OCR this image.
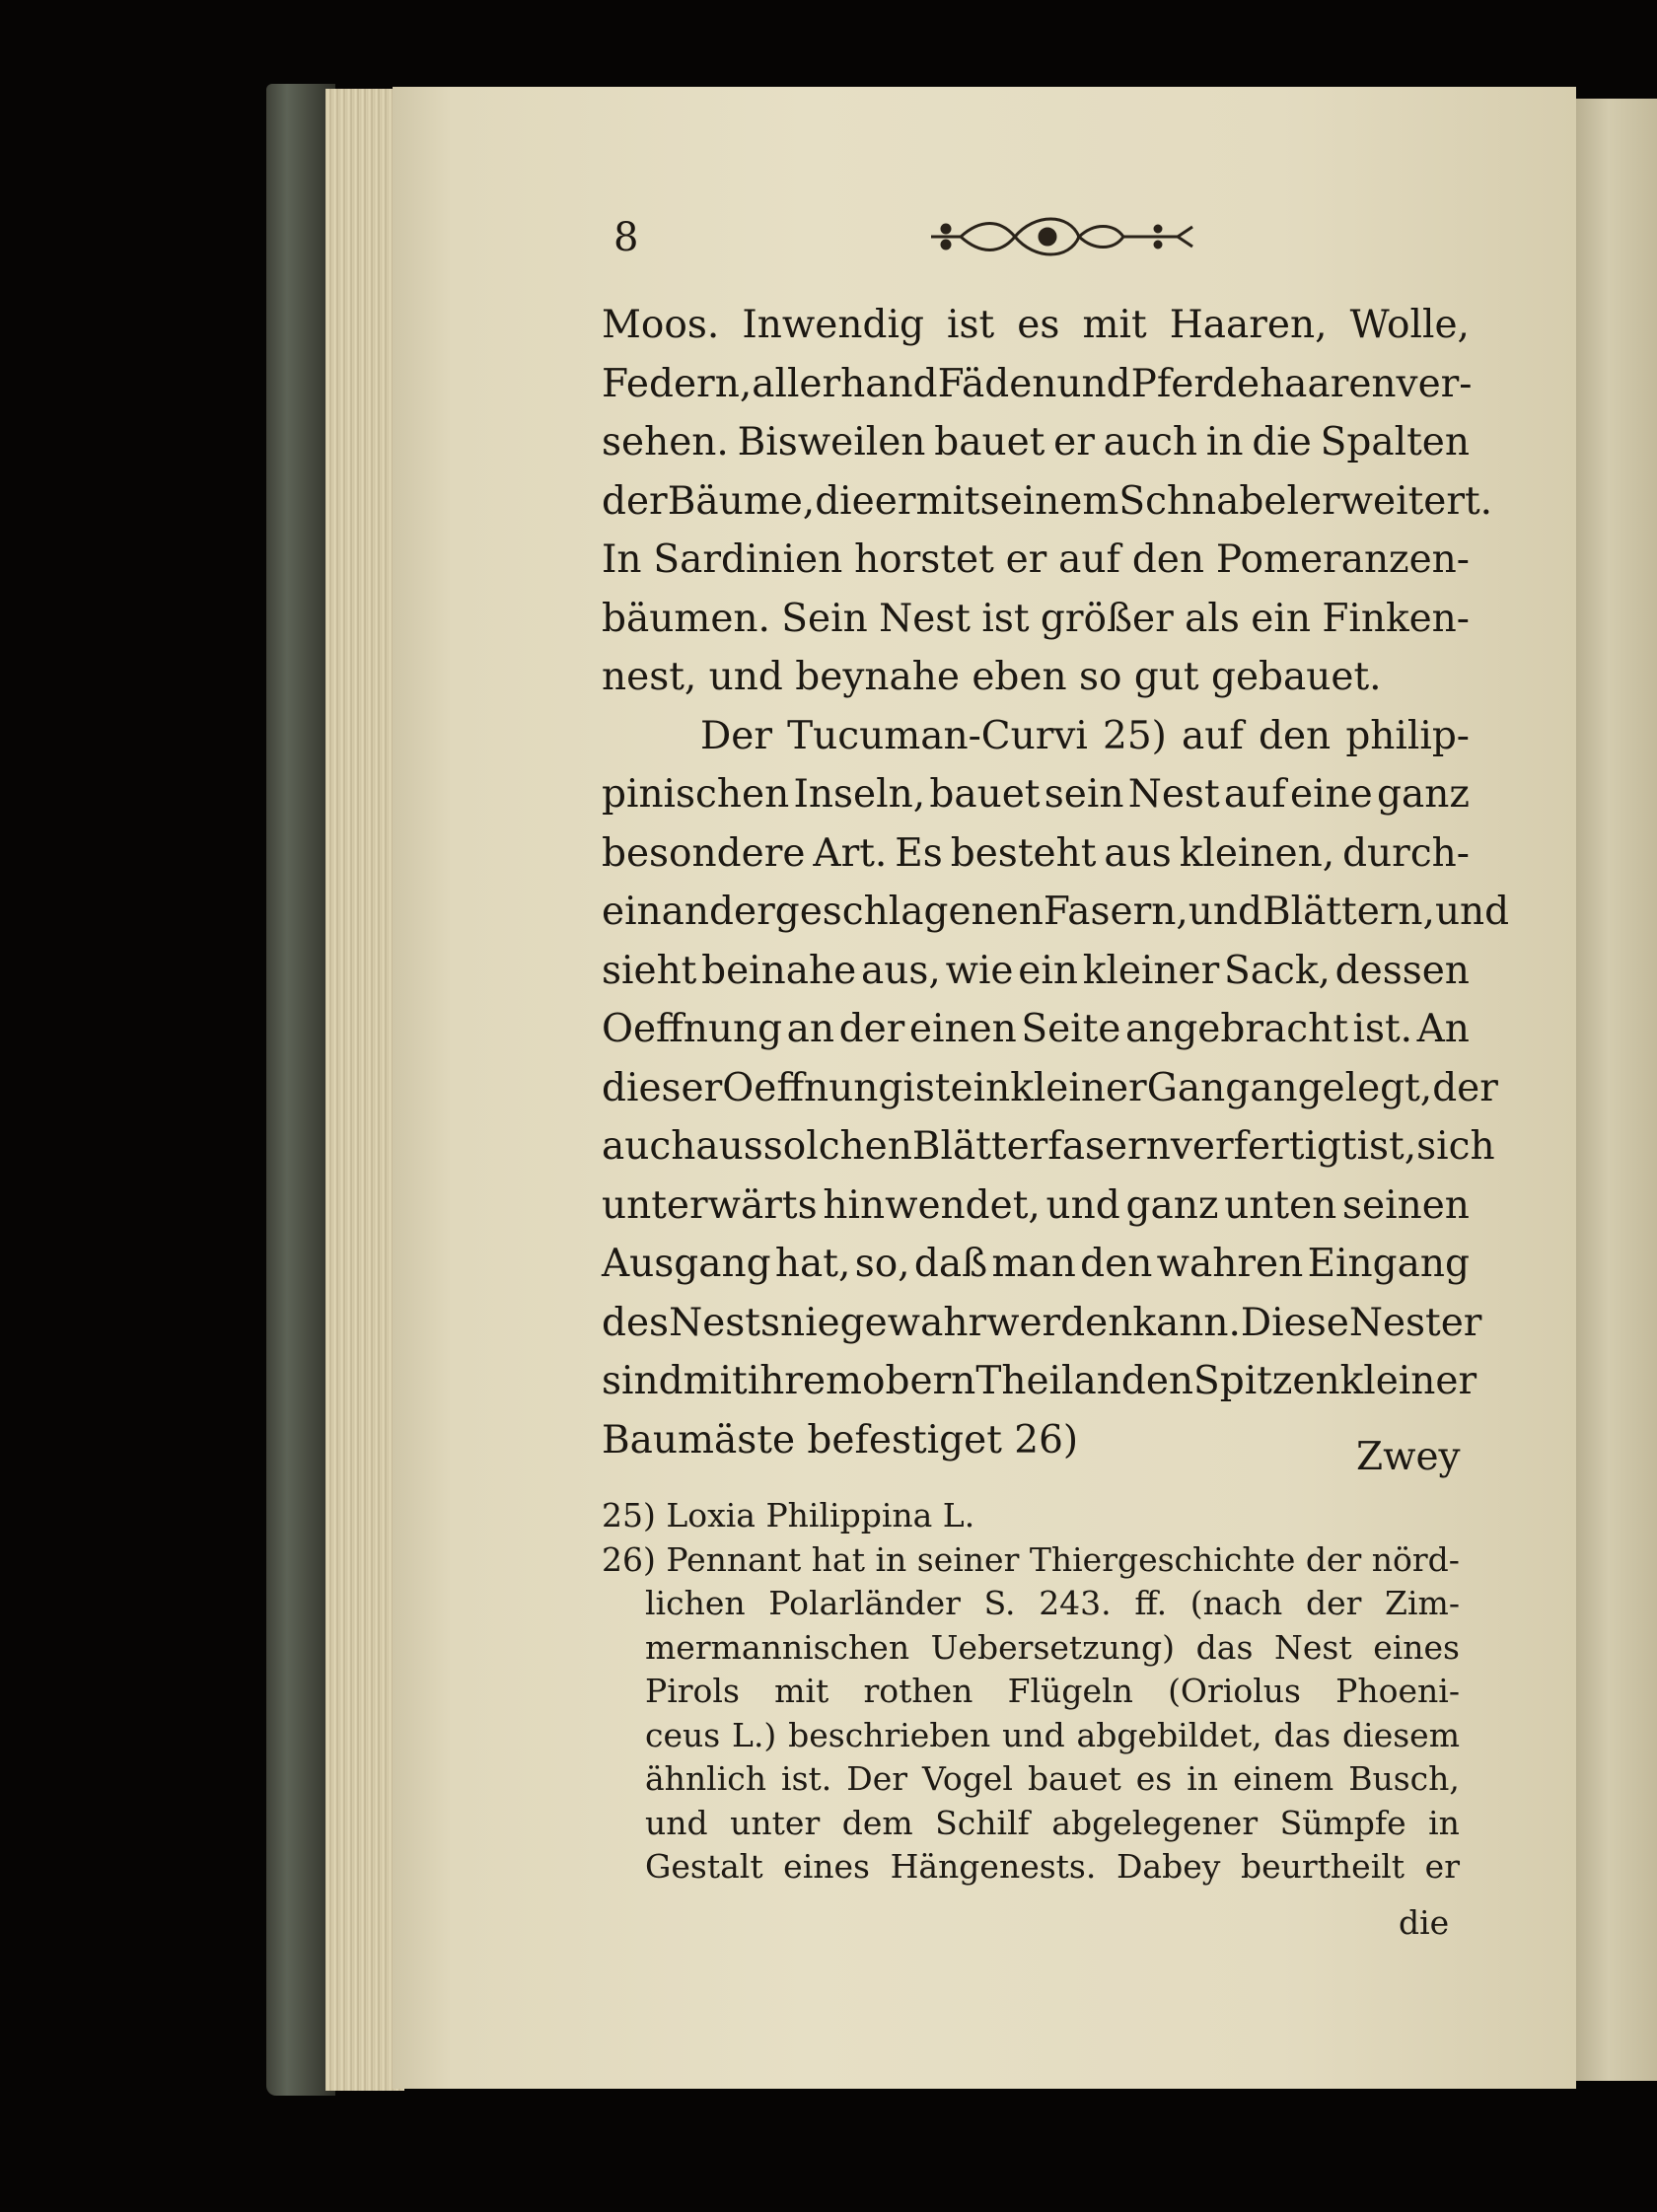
8
Moos. Inwendig ist es mit Haaren, Wolle,
Federn, allerhand Fäden und Pferdehaaren ver-
sehen. Bisweilen bauet er auch in die Spalten
der Bäume, die er mit seinem Schnabel erweitert.
In Sardinien horstet er auf den Pomeranzen-
bäumen. Sein Nest ist größer als ein Finken-
nest, und beynahe eben so gut gebauet.
Der Tucuman-Curvi 25) auf den philip-
pinischen Inseln, bauet sein Nest auf eine ganz
besondere Art. Es besteht aus kleinen, durch-
einander geschlagenen Fasern, und Blättern, und
sieht beinahe aus, wie ein kleiner Sack, dessen
Oeffnung an der einen Seite angebracht ist. An
dieser Oeffnung ist ein kleiner Gang angelegt, der
auch aus solchen Blätterfasern verfertigt ist, sich
unterwärts hinwendet, und ganz unten seinen
Ausgang hat, so, daß man den wahren Eingang
des Nests nie gewahr werden kann. Diese Nester
sind mit ihrem obern Theil an den Spitzen kleiner
Baumäste befestiget 26)	Zwey
25) Loxia Philippina L.
26) Pennant hat in seiner Thiergeschichte der nörd-
lichen Polarländer S. 243. ff. (nach der Zim-
mermannischen Uebersetzung) das Nest eines
Pirols mit rothen Flügeln (Oriolus Phoeni-
ceus L.) beschrieben und abgebildet, das diesem
ähnlich ist. Der Vogel bauet es in einem Busch,
und unter dem Schilf abgelegener Sümpfe in
Gestalt eines Hängenests. Dabey beurtheilt er
die
